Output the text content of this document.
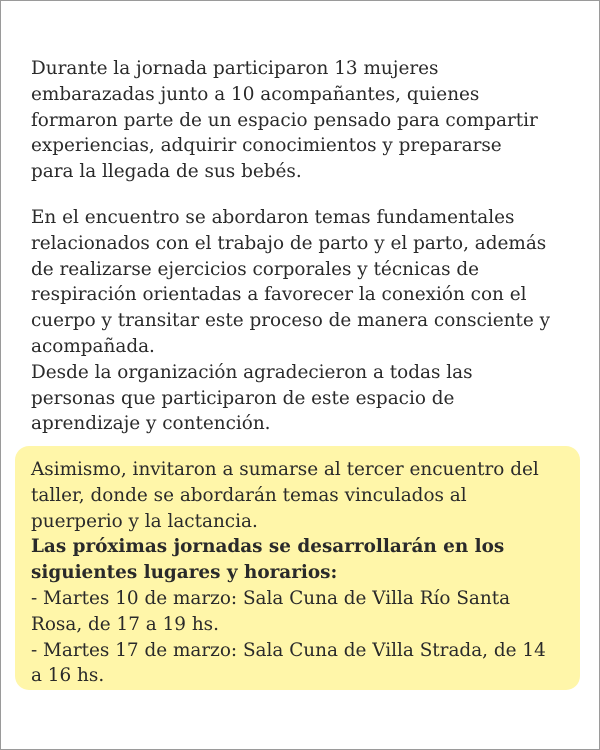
Durante la jornada participaron 13 mujeres
embarazadas junto a 10 acompañantes, quienes
formaron parte de un espacio pensado para compartir
experiencias, adquirir conocimientos y prepararse
para la llegada de sus bebés.
En el encuentro se abordaron temas fundamentales
relacionados con el trabajo de parto y el parto, además
de realizarse ejercicios corporales y técnicas de
respiración orientadas a favorecer la conexión con el
cuerpo y transitar este proceso de manera consciente y
acompañada.
Desde la organización agradecieron a todas las
personas que participaron de este espacio de
aprendizaje y contención.
Asimismo, invitaron a sumarse al tercer encuentro del
taller, donde se abordarán temas vinculados al
puerperio y la lactancia.
Las próximas jornadas se desarrollarán en los
siguientes lugares y horarios:
- Martes 10 de marzo: Sala Cuna de Villa Río Santa
Rosa, de 17 a 19 hs.
- Martes 17 de marzo: Sala Cuna de Villa Strada, de 14
a 16 hs.
